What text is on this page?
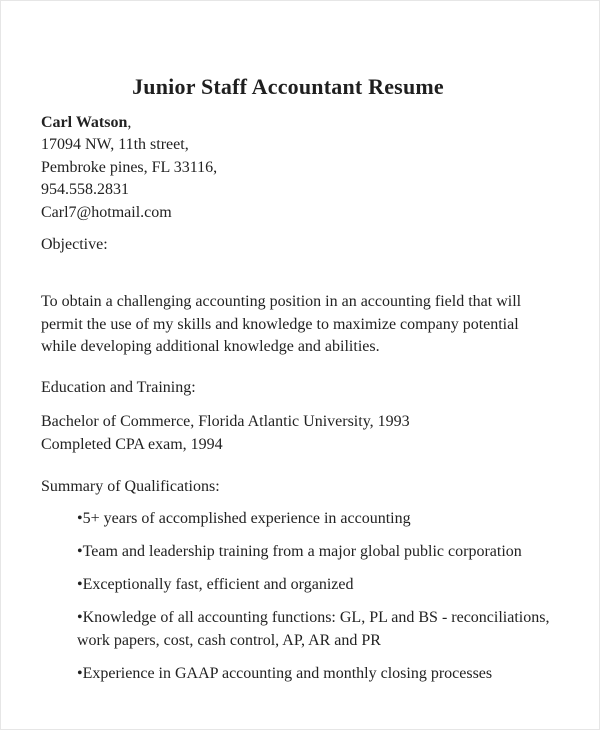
Junior Staff Accountant Resume
Carl Watson,
17094 NW, 11th street,
Pembroke pines, FL 33116,
954.558.2831
Carl7@hotmail.com
Objective:
To obtain a challenging accounting position in an accounting field that will
permit the use of my skills and knowledge to maximize company potential
while developing additional knowledge and abilities.
Education and Training:
Bachelor of Commerce, Florida Atlantic University, 1993
Completed CPA exam, 1994
Summary of Qualifications:
•5+ years of accomplished experience in accounting
•Team and leadership training from a major global public corporation
•Exceptionally fast, efficient and organized
•Knowledge of all accounting functions: GL, PL and BS - reconciliations, work papers, cost, cash control, AP, AR and PR
•Experience in GAAP accounting and monthly closing processes
